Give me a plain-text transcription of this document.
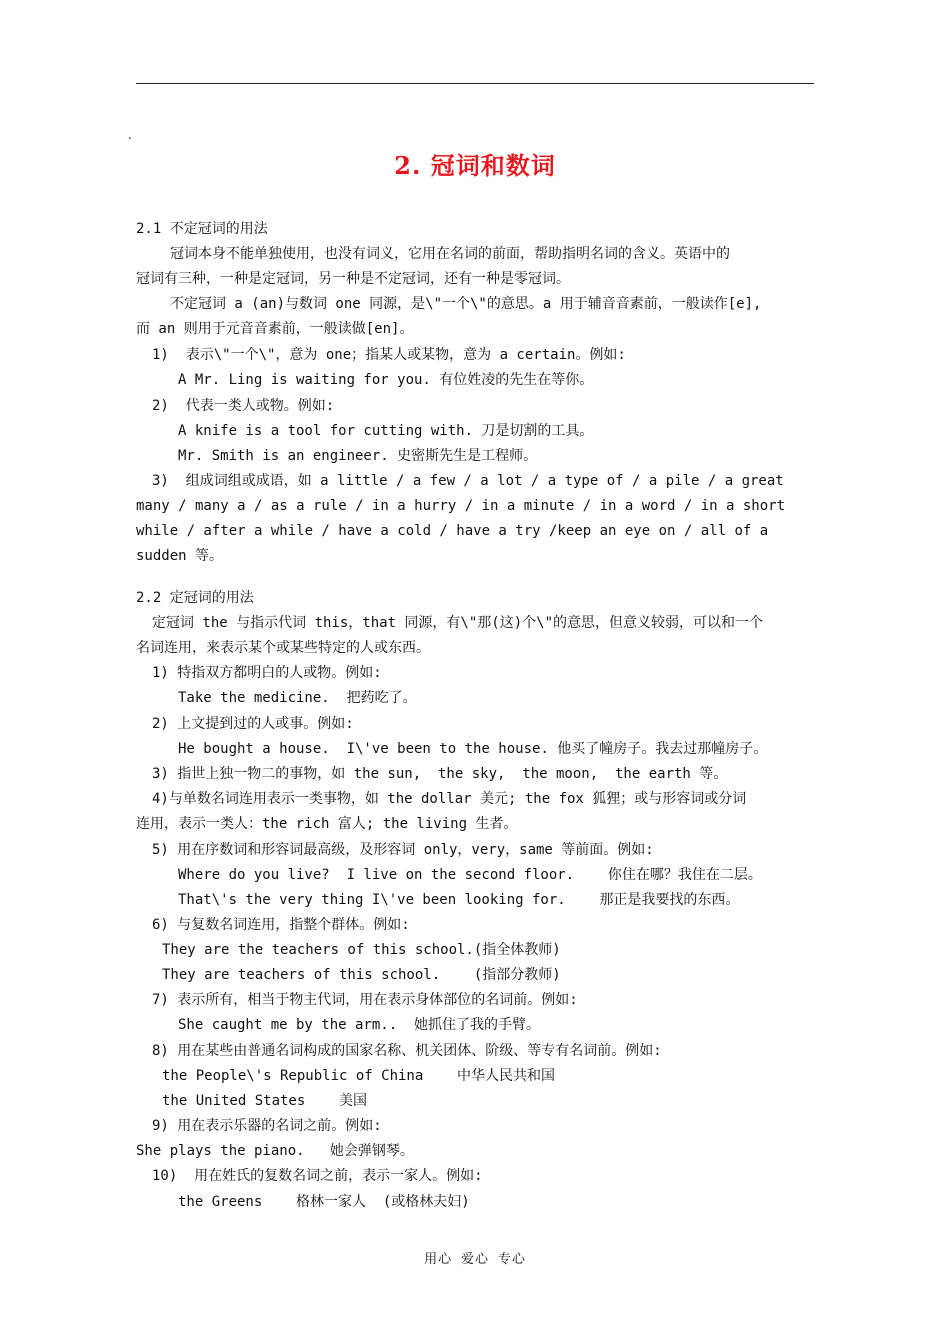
.
2. 冠词和数词
2.1 不定冠词的用法
冠词本身不能单独使用，也没有词义，它用在名词的前面，帮助指明名词的含义。英语中的
冠词有三种，一种是定冠词，另一种是不定冠词，还有一种是零冠词。
不定冠词 a (an)与数词 one 同源，是\"一个\"的意思。a 用于辅音音素前，一般读作[e],
而 an 则用于元音音素前，一般读做[en]。
1)  表示\"一个\"，意为 one；指某人或某物，意为 a certain。例如:
A Mr. Ling is waiting for you. 有位姓凌的先生在等你。
2)  代表一类人或物。例如:
A knife is a tool for cutting with. 刀是切割的工具。
Mr. Smith is an engineer. 史密斯先生是工程师。
3)  组成词组或成语，如 a little / a few / a lot / a type of / a pile / a great
many / many a / as a rule / in a hurry / in a minute / in a word / in a short
while / after a while / have a cold / have a try /keep an eye on / all of a
sudden 等。
2.2 定冠词的用法
定冠词 the 与指示代词 this，that 同源，有\"那(这)个\"的意思，但意义较弱，可以和一个
名词连用，来表示某个或某些特定的人或东西。
1) 特指双方都明白的人或物。例如:
Take the medicine.  把药吃了。
2) 上文提到过的人或事。例如:
He bought a house.  I\'ve been to the house. 他买了幢房子。我去过那幢房子。
3) 指世上独一物二的事物，如 the sun,  the sky,  the moon,  the earth 等。
4)与单数名词连用表示一类事物，如 the dollar 美元; the fox 狐狸；或与形容词或分词
连用，表示一类人：the rich 富人; the living 生者。
5) 用在序数词和形容词最高级，及形容词 only，very，same 等前面。例如:
Where do you live?  I live on the second floor.    你住在哪？我住在二层。
That\'s the very thing I\'ve been looking for.    那正是我要找的东西。
6) 与复数名词连用，指整个群体。例如:
They are the teachers of this school.(指全体教师)
They are teachers of this school.    (指部分教师)
7) 表示所有，相当于物主代词，用在表示身体部位的名词前。例如:
She caught me by the arm..  她抓住了我的手臂。
8) 用在某些由普通名词构成的国家名称、机关团体、阶级、等专有名词前。例如:
the People\'s Republic of China    中华人民共和国
the United States    美国
9) 用在表示乐器的名词之前。例如:
She plays the piano.   她会弹钢琴。
10)  用在姓氏的复数名词之前，表示一家人。例如:
the Greens    格林一家人  (或格林夫妇)
用心 爱心 专心
